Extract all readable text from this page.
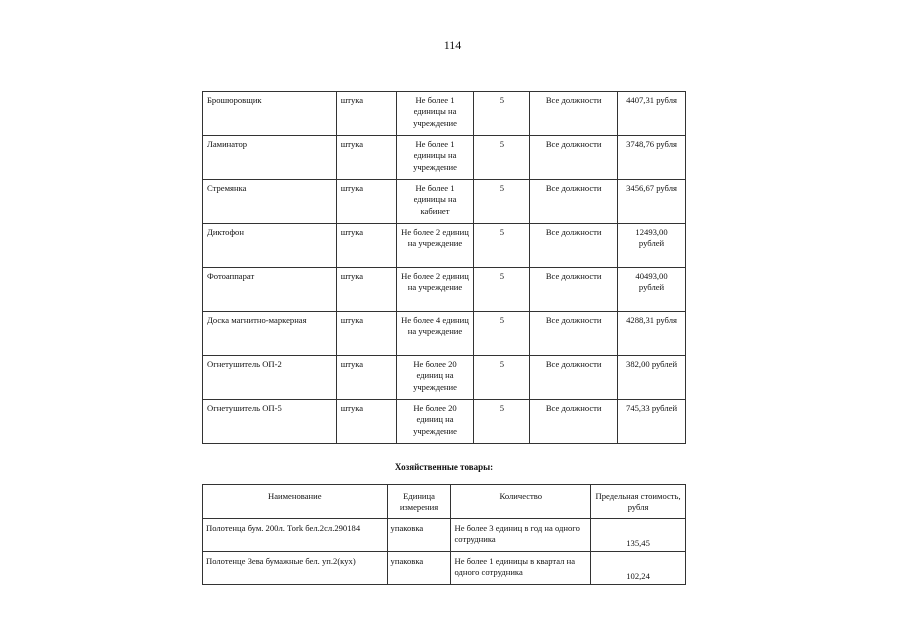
114
Брошюровщик	штука	Не более 1 единицы на учреждение	5	Все должности	4407,31 рубля
Ламинатор	штука	Не более 1 единицы на учреждение	5	Все должности	3748,76 рубля
Стремянка	штука	Не более 1 единицы на кабинет	5	Все должности	3456,67 рубля
Диктофон	штука	Не более 2 единиц на учреждение	5	Все должности	12493,00 рублей
Фотоаппарат	штука	Не более 2 единиц на учреждение	5	Все должности	40493,00 рублей
Доска магнитно-маркерная	штука	Не более 4 единиц на учреждение	5	Все должности	4288,31 рубля
Огнетушитель ОП-2	штука	Не более 20 единиц на учреждение	5	Все должности	382,00 рублей
Огнетушитель ОП-5	штука	Не более 20 единиц на учреждение	5	Все должности	745,33 рублей
Хозяйственные товары:
Наименование	Единица измерения	Количество	Предельная стоимость, рубля
Полотенца бум. 200л. Tork бел.2сл.290184	упаковка	Не более 3 единиц в год на одного сотрудника	135,45
Полотенце Зева бумажные бел. уп.2(кух)	упаковка	Не более 1 единицы в квартал на одного сотрудника	102,24
